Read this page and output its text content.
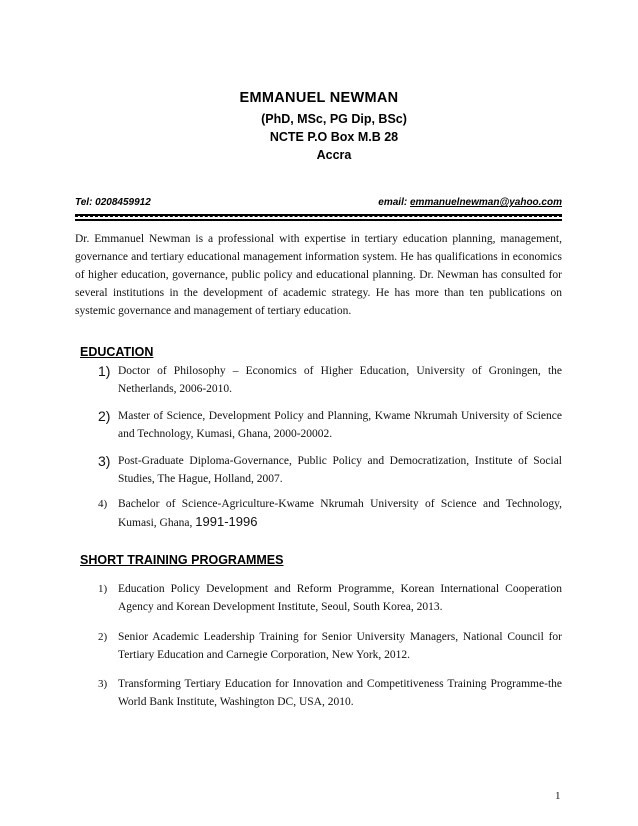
EMMANUEL NEWMAN
(PhD, MSc, PG Dip, BSc)
NCTE P.O Box M.B 28
Accra
Tel: 0208459912	email: emmanuelnewman@yahoo.com
Dr. Emmanuel Newman is a professional with expertise in tertiary education planning, management, governance and tertiary educational management information system. He has qualifications in economics of higher education, governance, public policy and educational planning. Dr. Newman has consulted for several institutions in the development of academic strategy. He has more than ten publications on systemic governance and management of tertiary education.
EDUCATION
1) Doctor of Philosophy – Economics of Higher Education, University of Groningen, the Netherlands, 2006-2010.
2) Master of Science, Development Policy and Planning, Kwame Nkrumah University of Science and Technology, Kumasi, Ghana, 2000-20002.
3) Post-Graduate Diploma-Governance, Public Policy and Democratization, Institute of Social Studies, The Hague, Holland, 2007.
4) Bachelor of Science-Agriculture-Kwame Nkrumah University of Science and Technology, Kumasi, Ghana, 1991-1996
SHORT TRAINING PROGRAMMES
1) Education Policy Development and Reform Programme, Korean International Cooperation Agency and Korean Development Institute, Seoul, South Korea, 2013.
2) Senior Academic Leadership Training for Senior University Managers, National Council for Tertiary Education and Carnegie Corporation, New York, 2012.
3) Transforming Tertiary Education for Innovation and Competitiveness Training Programme-the World Bank Institute, Washington DC, USA, 2010.
1
